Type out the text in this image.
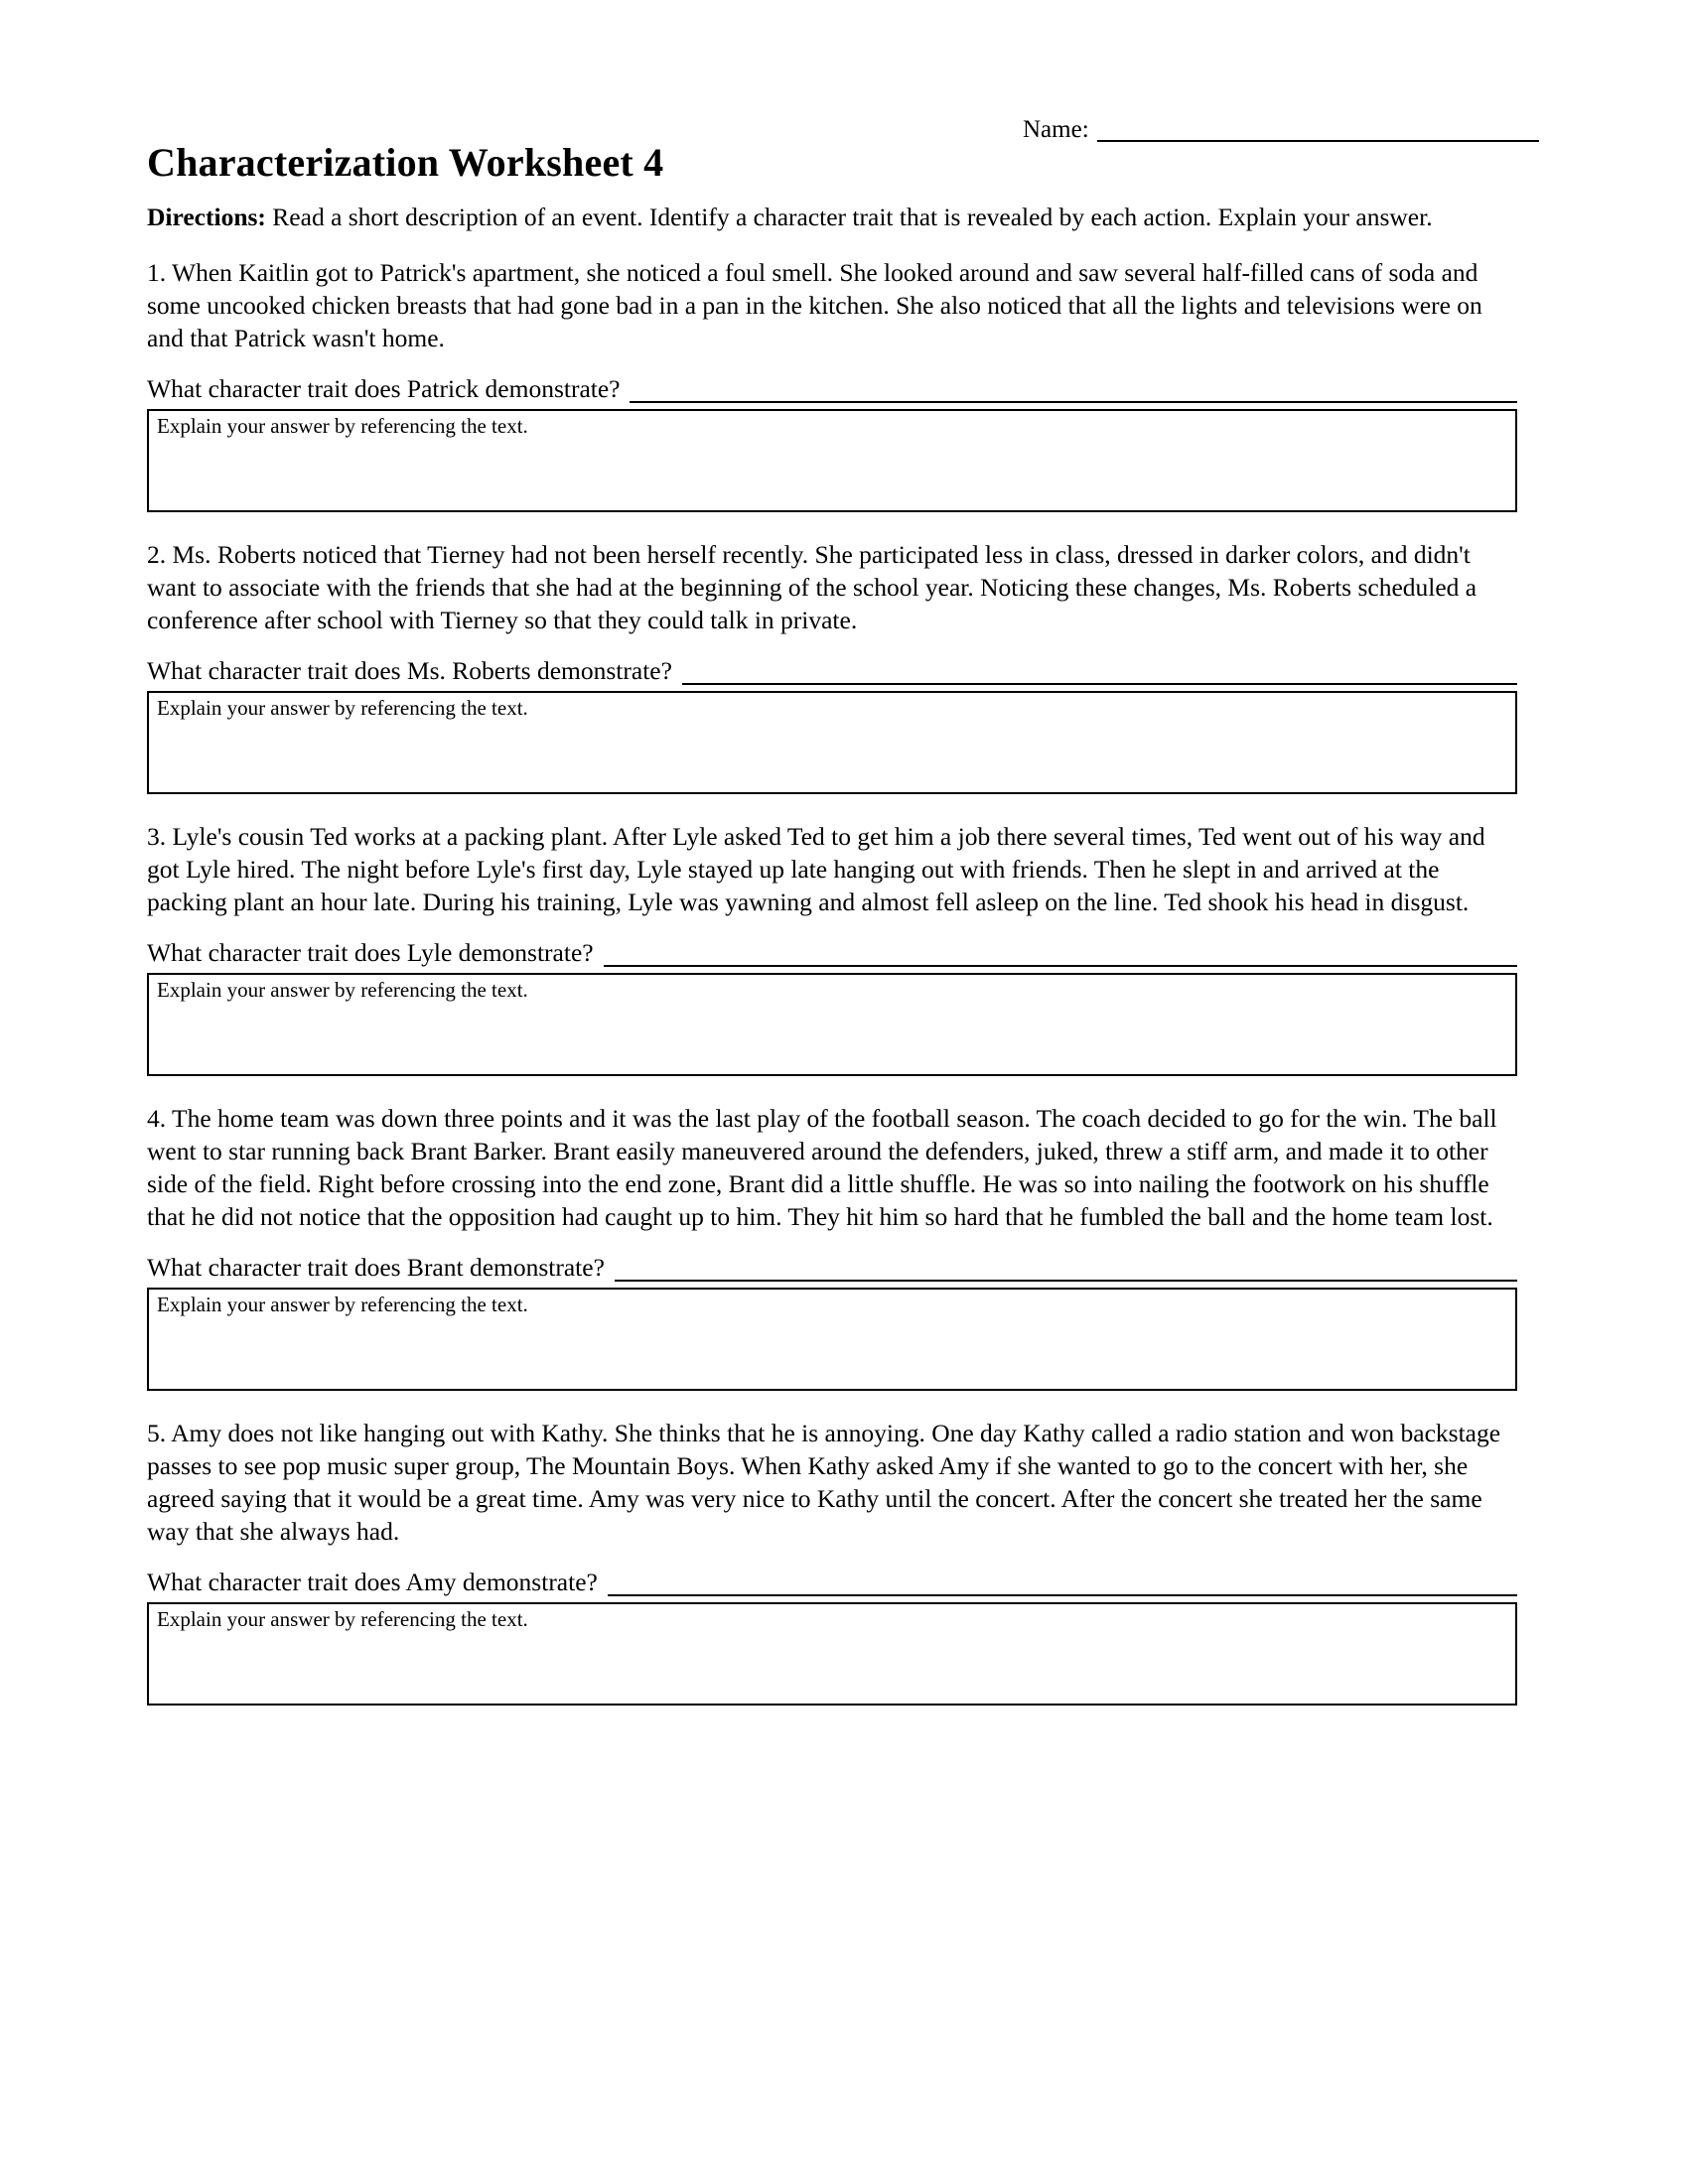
Name:
Characterization Worksheet 4

Directions: Read a short description of an event. Identify a character trait that is revealed by each action. Explain your answer.

1. When Kaitlin got to Patrick's apartment, she noticed a foul smell. She looked around and saw several half-filled cans of soda and some uncooked chicken breasts that had gone bad in a pan in the kitchen. She also noticed that all the lights and televisions were on and that Patrick wasn't home.

What character trait does Patrick demonstrate?
Explain your answer by referencing the text.

2. Ms. Roberts noticed that Tierney had not been herself recently. She participated less in class, dressed in darker colors, and didn't want to associate with the friends that she had at the beginning of the school year. Noticing these changes, Ms. Roberts scheduled a conference after school with Tierney so that they could talk in private.

What character trait does Ms. Roberts demonstrate?
Explain your answer by referencing the text.

3. Lyle's cousin Ted works at a packing plant. After Lyle asked Ted to get him a job there several times, Ted went out of his way and got Lyle hired. The night before Lyle's first day, Lyle stayed up late hanging out with friends. Then he slept in and arrived at the packing plant an hour late. During his training, Lyle was yawning and almost fell asleep on the line. Ted shook his head in disgust.

What character trait does Lyle demonstrate?
Explain your answer by referencing the text.

4. The home team was down three points and it was the last play of the football season. The coach decided to go for the win. The ball went to star running back Brant Barker. Brant easily maneuvered around the defenders, juked, threw a stiff arm, and made it to other side of the field. Right before crossing into the end zone, Brant did a little shuffle. He was so into nailing the footwork on his shuffle that he did not notice that the opposition had caught up to him. They hit him so hard that he fumbled the ball and the home team lost.

What character trait does Brant demonstrate?
Explain your answer by referencing the text.

5. Amy does not like hanging out with Kathy. She thinks that he is annoying. One day Kathy called a radio station and won backstage passes to see pop music super group, The Mountain Boys. When Kathy asked Amy if she wanted to go to the concert with her, she agreed saying that it would be a great time. Amy was very nice to Kathy until the concert. After the concert she treated her the same way that she always had.

What character trait does Amy demonstrate?
Explain your answer by referencing the text.
